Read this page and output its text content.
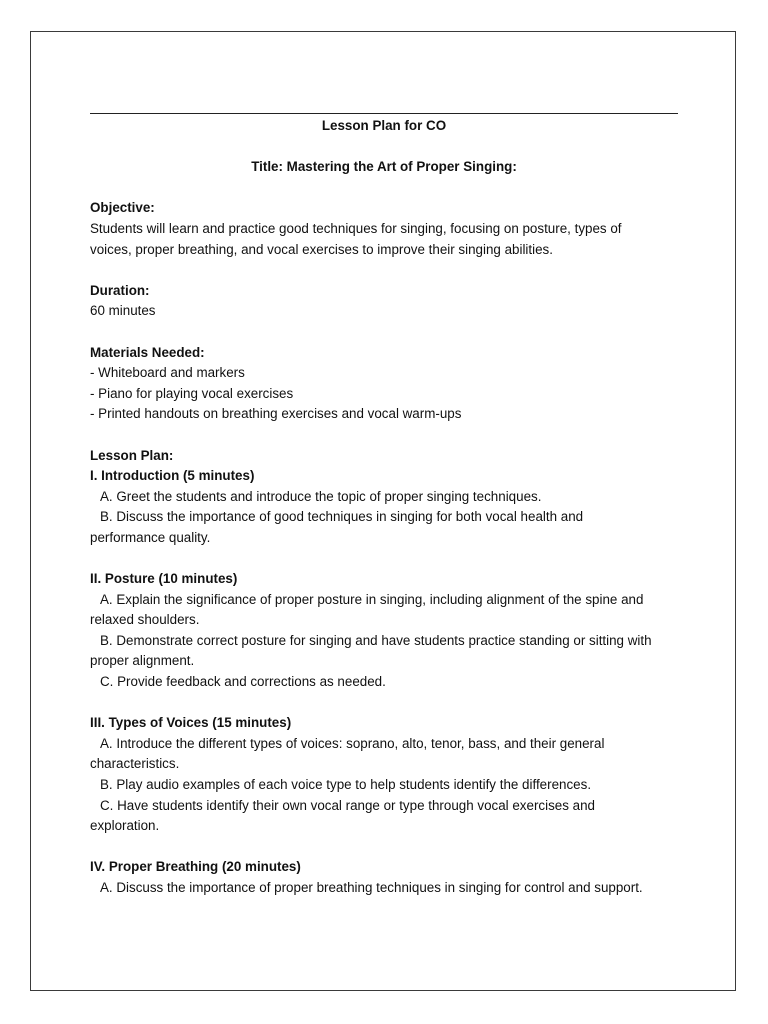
Lesson Plan for CO
Title: Mastering the Art of Proper Singing:
Objective:
Students will learn and practice good techniques for singing, focusing on posture, types of
voices, proper breathing, and vocal exercises to improve their singing abilities.
Duration:
60 minutes
Materials Needed:
- Whiteboard and markers
- Piano for playing vocal exercises
- Printed handouts on breathing exercises and vocal warm-ups
Lesson Plan:
I. Introduction (5 minutes)
A. Greet the students and introduce the topic of proper singing techniques.
B. Discuss the importance of good techniques in singing for both vocal health and
performance quality.
II. Posture (10 minutes)
A. Explain the significance of proper posture in singing, including alignment of the spine and
relaxed shoulders.
B. Demonstrate correct posture for singing and have students practice standing or sitting with
proper alignment.
C. Provide feedback and corrections as needed.
III. Types of Voices (15 minutes)
A. Introduce the different types of voices: soprano, alto, tenor, bass, and their general
characteristics.
B. Play audio examples of each voice type to help students identify the differences.
C. Have students identify their own vocal range or type through vocal exercises and
exploration.
IV. Proper Breathing (20 minutes)
A. Discuss the importance of proper breathing techniques in singing for control and support.
